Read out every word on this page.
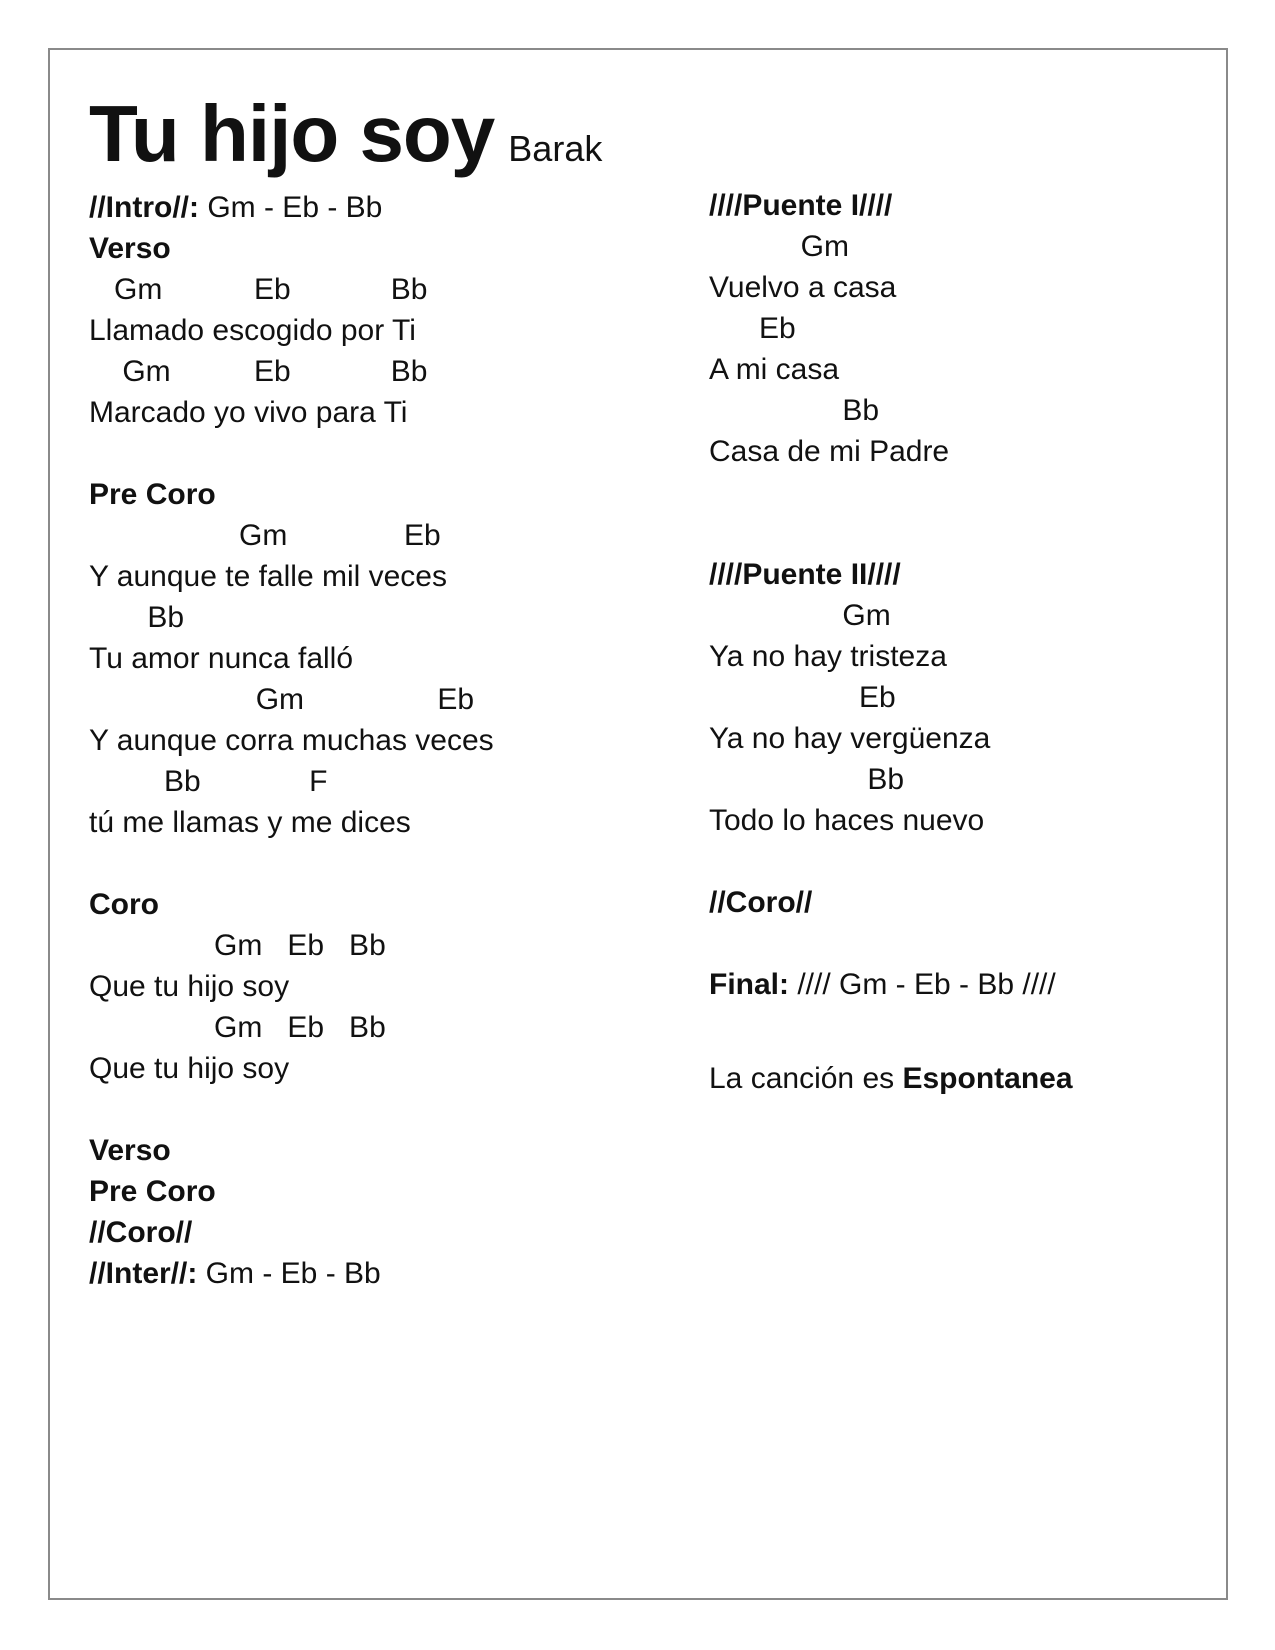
Tu hijo soy Barak
//Intro//: Gm - Eb - Bb
Verso
Gm           Eb            Bb
Llamado escogido por Ti
Gm          Eb            Bb
Marcado yo vivo para Ti
Pre Coro
Gm              Eb
Y aunque te falle mil veces
Bb
Tu amor nunca falló
Gm                Eb
Y aunque corra muchas veces
Bb             F
tú me llamas y me dices
Coro
Gm   Eb   Bb
Que tu hijo soy
Gm   Eb   Bb
Que tu hijo soy
Verso
Pre Coro
//Coro//
//Inter//: Gm - Eb - Bb
////Puente I////
Gm
Vuelvo a casa
Eb
A mi casa
Bb
Casa de mi Padre
////Puente II////
Gm
Ya no hay tristeza
Eb
Ya no hay vergüenza
Bb
Todo lo haces nuevo
//Coro//
Final: //// Gm - Eb - Bb ////
La canción es Espontanea
